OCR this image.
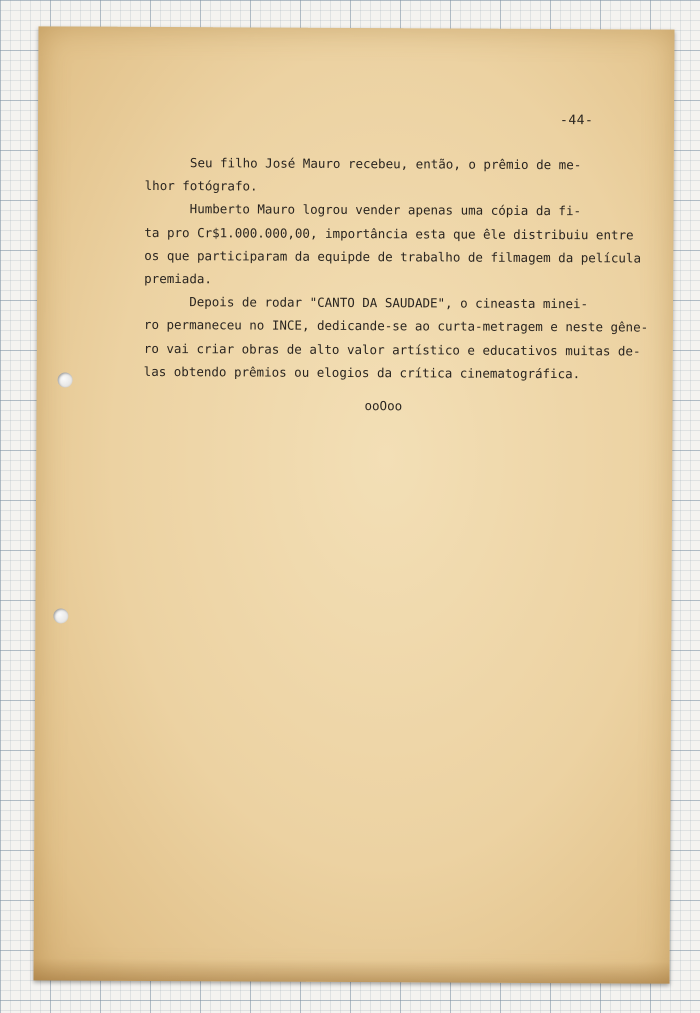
-44-
Seu filho José Mauro recebeu, então, o prêmio de me-
lhor fotógrafo.
Humberto Mauro logrou vender apenas uma cópia da fi-
ta pro Cr$1.000.000,00, importância esta que êle distribuiu entre
os que participaram da equipde de trabalho de filmagem da película
premiada.
Depois de rodar "CANTO DA SAUDADE", o cineasta minei-
ro permaneceu no INCE, dedicande-se ao curta-metragem e neste gêne-
ro vai criar obras de alto valor artístico e educativos muitas de-
las obtendo prêmios ou elogios da crítica cinematográfica.
ooOoo
